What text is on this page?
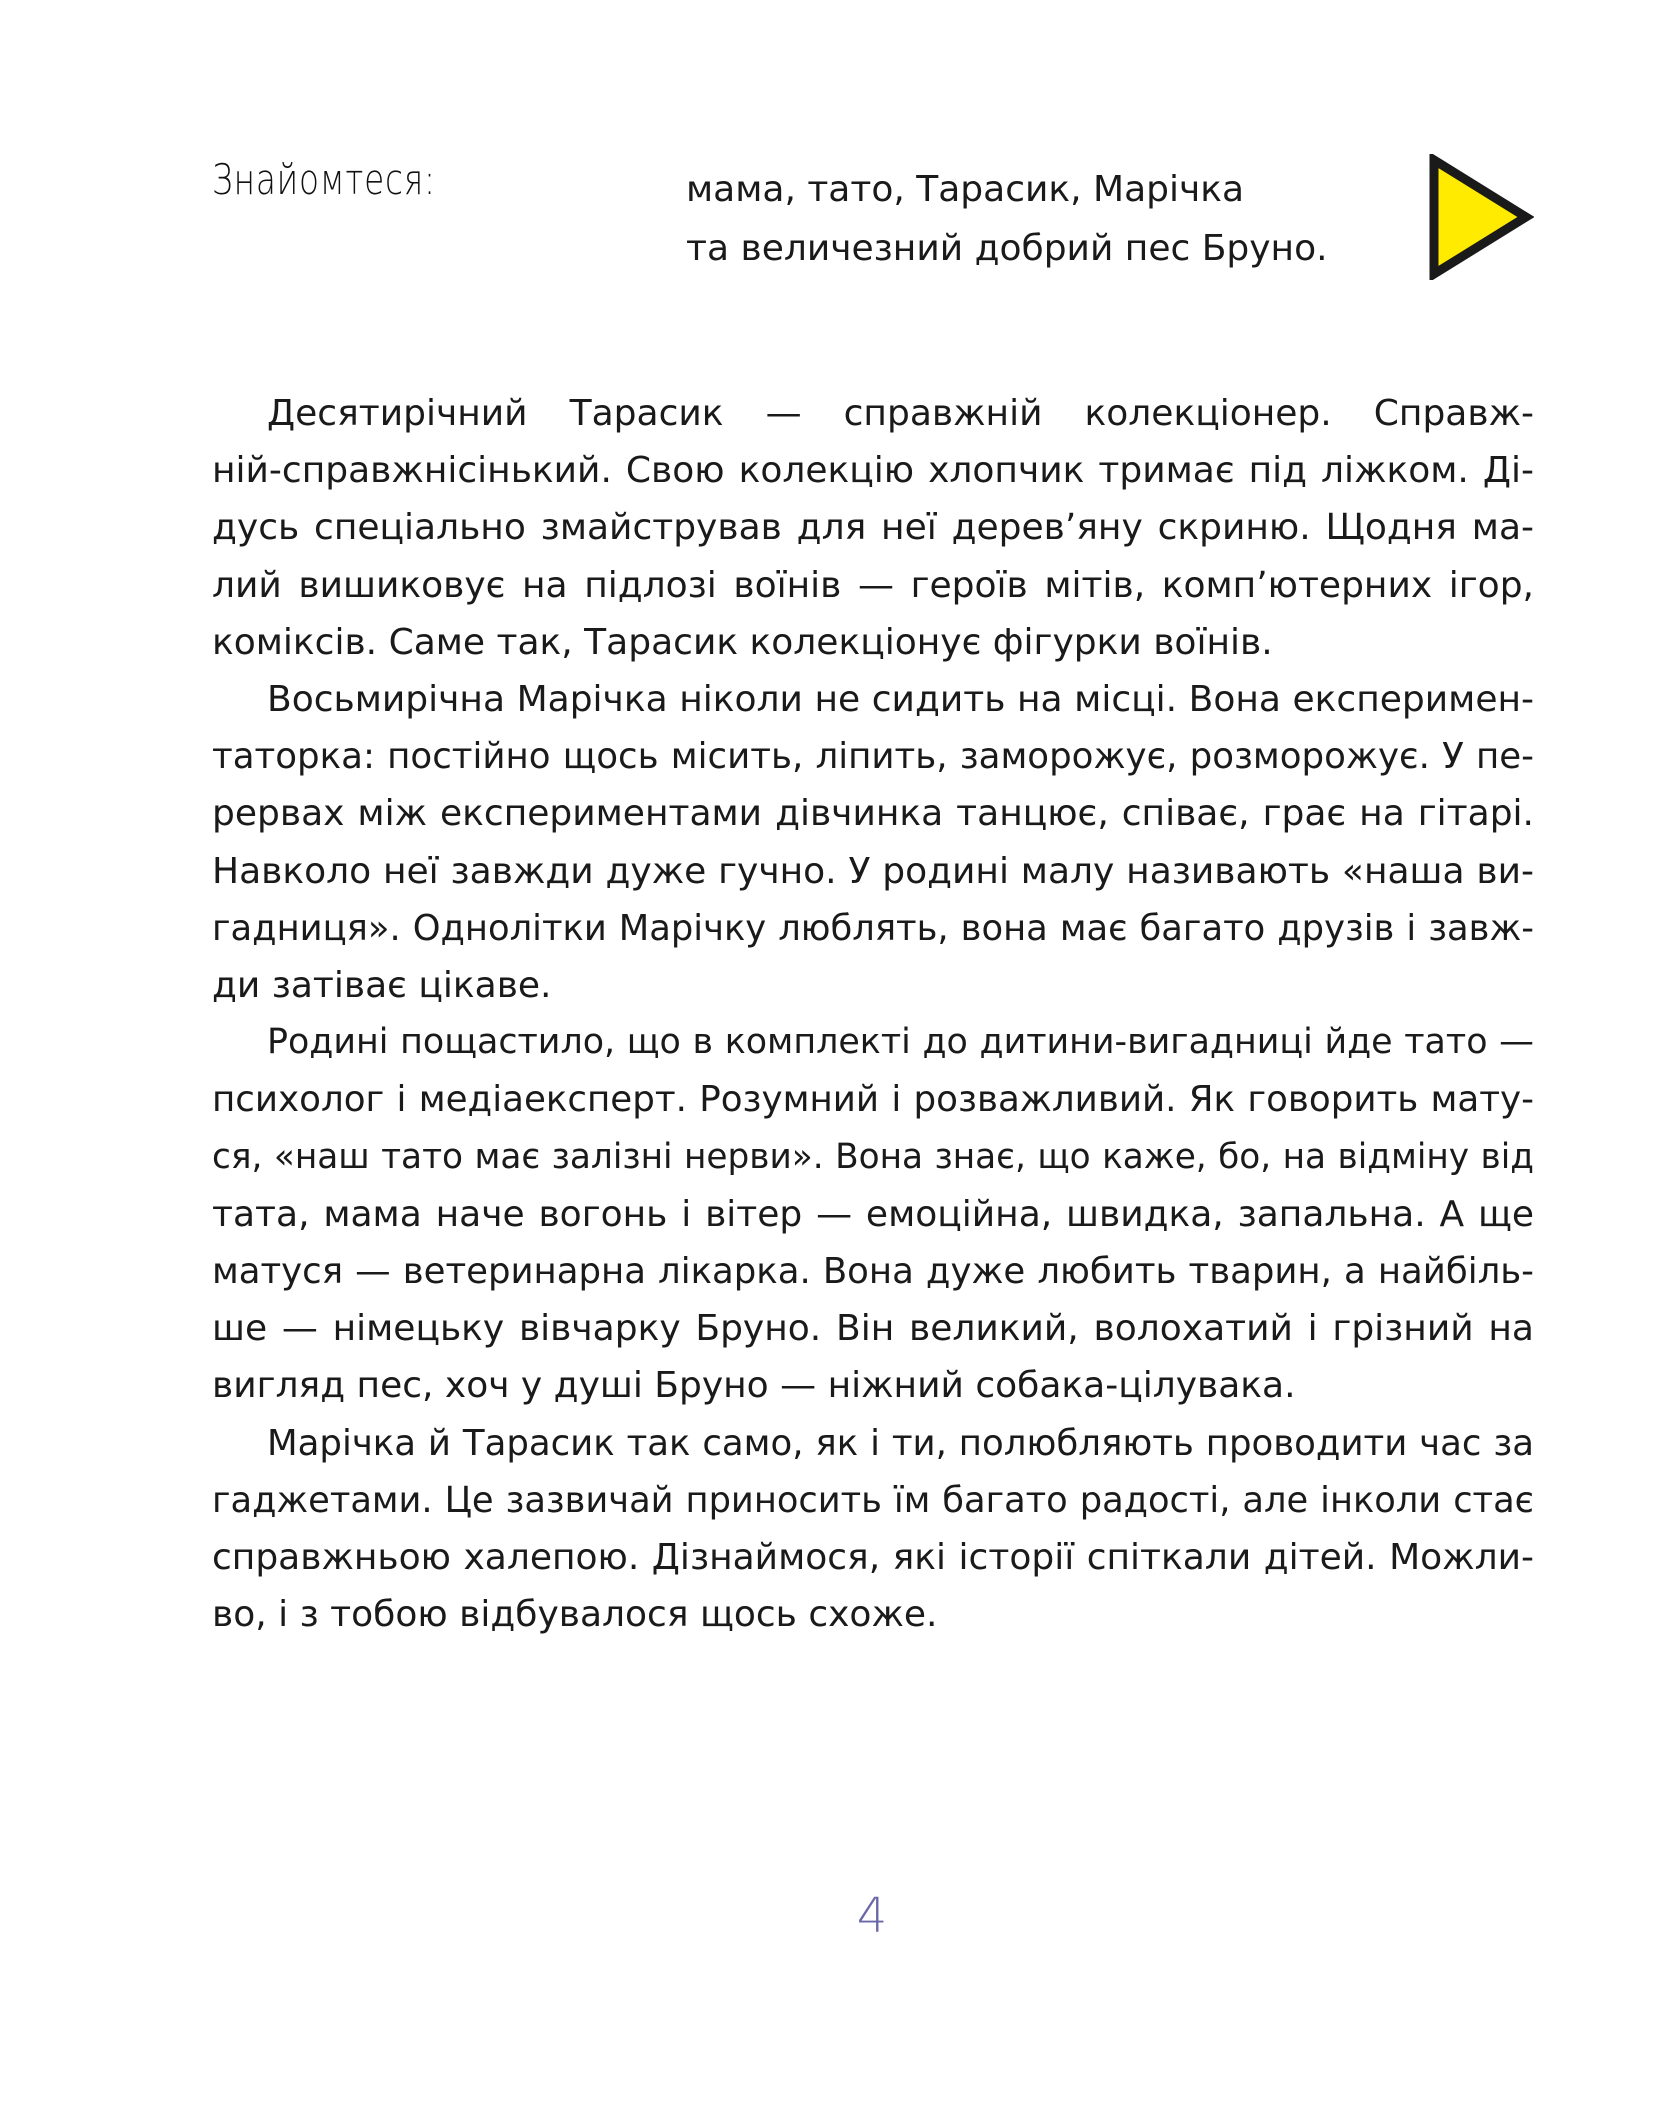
Знайомтеся:	мама, тато, Тарасик, Марічка
та величезний добрий пес Бруно.
Десятирічний Тарасик — справжній колекціонер. Справж-
ній-справжнісінький. Свою колекцію хлопчик тримає під ліжком. Ді-
дусь спеціально змайстрував для неї дерев’яну скриню. Щодня ма-
лий вишиковує на підлозі воїнів — героїв мітів, комп’ютерних ігор,
коміксів. Саме так, Тарасик колекціонує фігурки воїнів.
Восьмирічна Марічка ніколи не сидить на місці. Вона експеримен-
таторка: постійно щось місить, ліпить, заморожує, розморожує. У пе-
рервах між експериментами дівчинка танцює, співає, грає на гітарі.
Навколо неї завжди дуже гучно. У родині малу називають «наша ви-
гадниця». Однолітки Марічку люблять, вона має багато друзів і завж-
ди затіває цікаве.
Родині пощастило, що в комплекті до дитини-вигадниці йде тато —
психолог і медіаексперт. Розумний і розважливий. Як говорить мату-
ся, «наш тато має залізні нерви». Вона знає, що каже, бо, на відміну від
тата, мама наче вогонь і вітер — емоційна, швидка, запальна. А ще
матуся — ветеринарна лікарка. Вона дуже любить тварин, а найбіль-
ше — німецьку вівчарку Бруно. Він великий, волохатий і грізний на
вигляд пес, хоч у душі Бруно — ніжний собака-цілувака.
Марічка й Тарасик так само, як і ти, полюбляють проводити час за
гаджетами. Це зазвичай приносить їм багато радості, але інколи стає
справжньою халепою. Дізнаймося, які історії спіткали дітей. Можли-
во, і з тобою відбувалося щось схоже.
4
